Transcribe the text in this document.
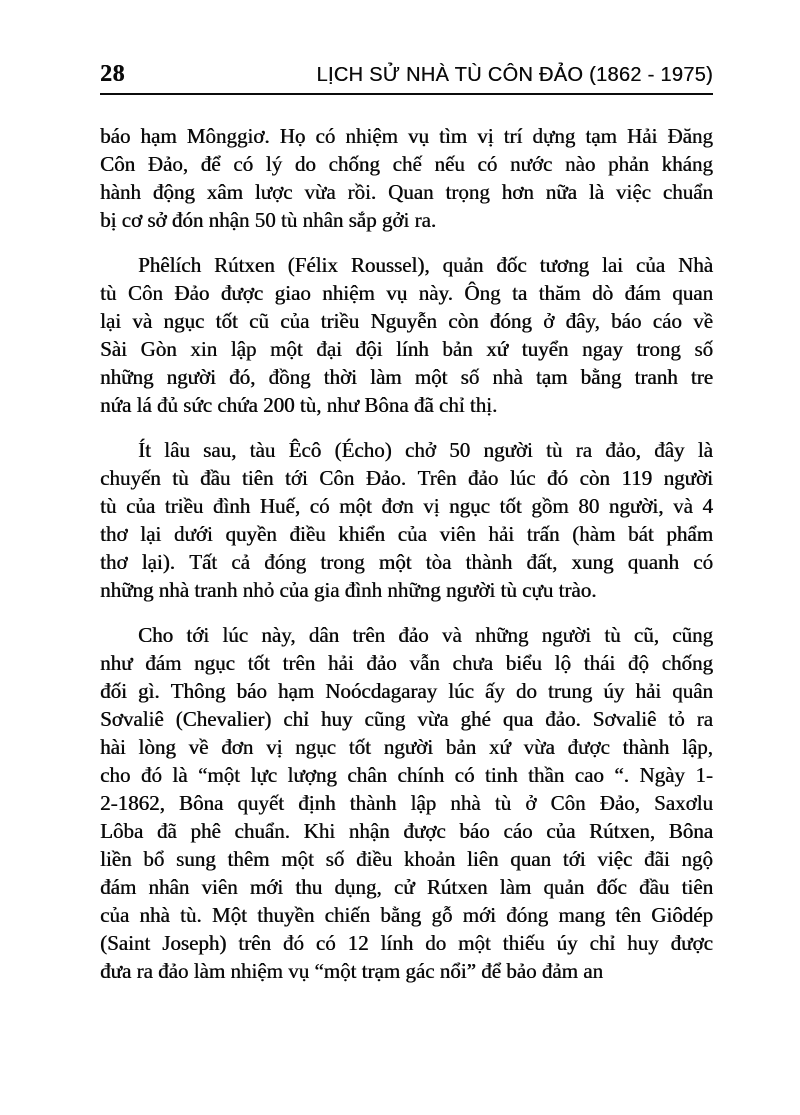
28	LỊCH SỬ NHÀ TÙ CÔN ĐẢO (1862 - 1975)
báo hạm Mônggiơ. Họ có nhiệm vụ tìm vị trí dựng tạm Hải Đăng
Côn Đảo, để có lý do chống chế nếu có nước nào phản kháng
hành động xâm lược vừa rồi. Quan trọng hơn nữa là việc chuẩn
bị cơ sở đón nhận 50 tù nhân sắp gởi ra.
Phêlích Rútxen (Félix Roussel), quản đốc tương lai của Nhà
tù Côn Đảo được giao nhiệm vụ này. Ông ta thăm dò đám quan
lại và ngục tốt cũ của triều Nguyễn còn đóng ở đây, báo cáo về
Sài Gòn xin lập một đại đội lính bản xứ tuyển ngay trong số
những người đó, đồng thời làm một số nhà tạm bằng tranh tre
nứa lá đủ sức chứa 200 tù, như Bôna đã chỉ thị.
Ít lâu sau, tàu Êcô (Écho) chở 50 người tù ra đảo, đây là
chuyến tù đầu tiên tới Côn Đảo. Trên đảo lúc đó còn 119 người
tù của triều đình Huế, có một đơn vị ngục tốt gồm 80 người, và 4
thơ lại dưới quyền điều khiển của viên hải trấn (hàm bát phẩm
thơ lại). Tất cả đóng trong một tòa thành đất, xung quanh có
những nhà tranh nhỏ của gia đình những người tù cựu trào.
Cho tới lúc này, dân trên đảo và những người tù cũ, cũng
như đám ngục tốt trên hải đảo vẫn chưa biểu lộ thái độ chống
đối gì. Thông báo hạm Noócdagaray lúc ấy do trung úy hải quân
Sơvaliê (Chevalier) chỉ huy cũng vừa ghé qua đảo. Sơvaliê tỏ ra
hài lòng về đơn vị ngục tốt người bản xứ vừa được thành lập,
cho đó là “một lực lượng chân chính có tinh thần cao “. Ngày 1-
2-1862, Bôna quyết định thành lập nhà tù ở Côn Đảo, Saxơlu
Lôba đã phê chuẩn. Khi nhận được báo cáo của Rútxen, Bôna
liền bổ sung thêm một số điều khoản liên quan tới việc đãi ngộ
đám nhân viên mới thu dụng, cử Rútxen làm quản đốc đầu tiên
của nhà tù. Một thuyền chiến bằng gỗ mới đóng mang tên Giôdép
(Saint Joseph) trên đó có 12 lính do một thiếu úy chỉ huy được
đưa ra đảo làm nhiệm vụ “một trạm gác nổi” để bảo đảm an
